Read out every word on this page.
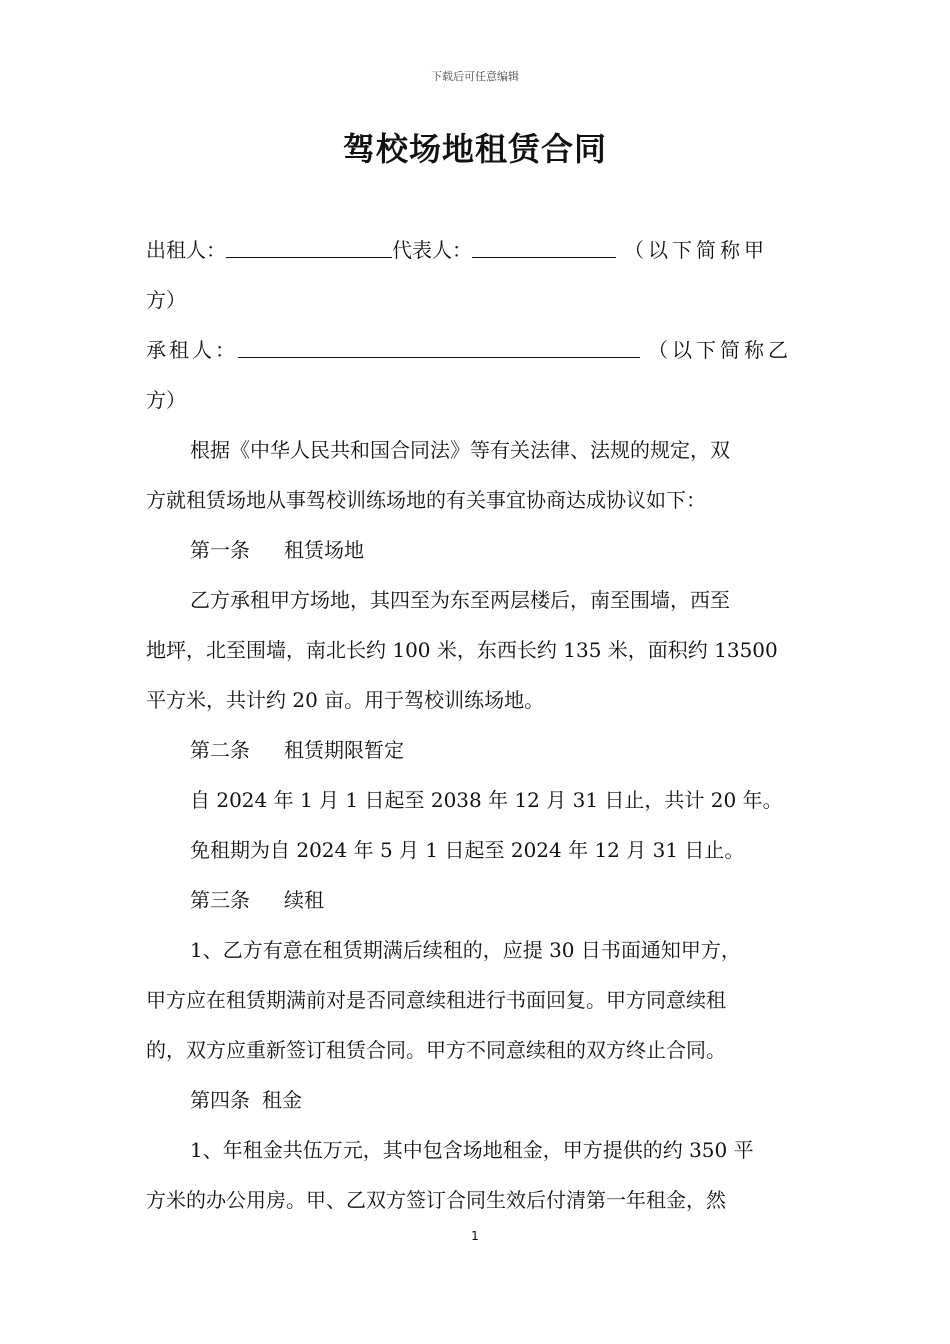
下载后可任意编辑
驾校场地租赁合同
出租人：	代表人：	（以下简称甲
方）
承租人：	（以下简称乙
方）
根据《中华人民共和国合同法》等有关法律、法规的规定，双
方就租赁场地从事驾校训练场地的有关事宜协商达成协议如下：
第一条 租赁场地
乙方承租甲方场地，其四至为东至两层楼后，南至围墙，西至
地坪，北至围墙，南北长约 100 米，东西长约 135 米，面积约 13500
平方米，共计约 20 亩。用于驾校训练场地。
第二条 租赁期限暂定
自 2024 年 1 月 1 日起至 2038 年 12 月 31 日止，共计 20 年。
免租期为自 2024 年 5 月 1 日起至 2024 年 12 月 31 日止。
第三条 续租
1、乙方有意在租赁期满后续租的，应提 30 日书面通知甲方，
甲方应在租赁期满前对是否同意续租进行书面回复。甲方同意续租
的，双方应重新签订租赁合同。甲方不同意续租的双方终止合同。
第四条 租金
1、年租金共伍万元，其中包含场地租金，甲方提供的约 350 平
方米的办公用房。甲、乙双方签订合同生效后付清第一年租金，然
1
